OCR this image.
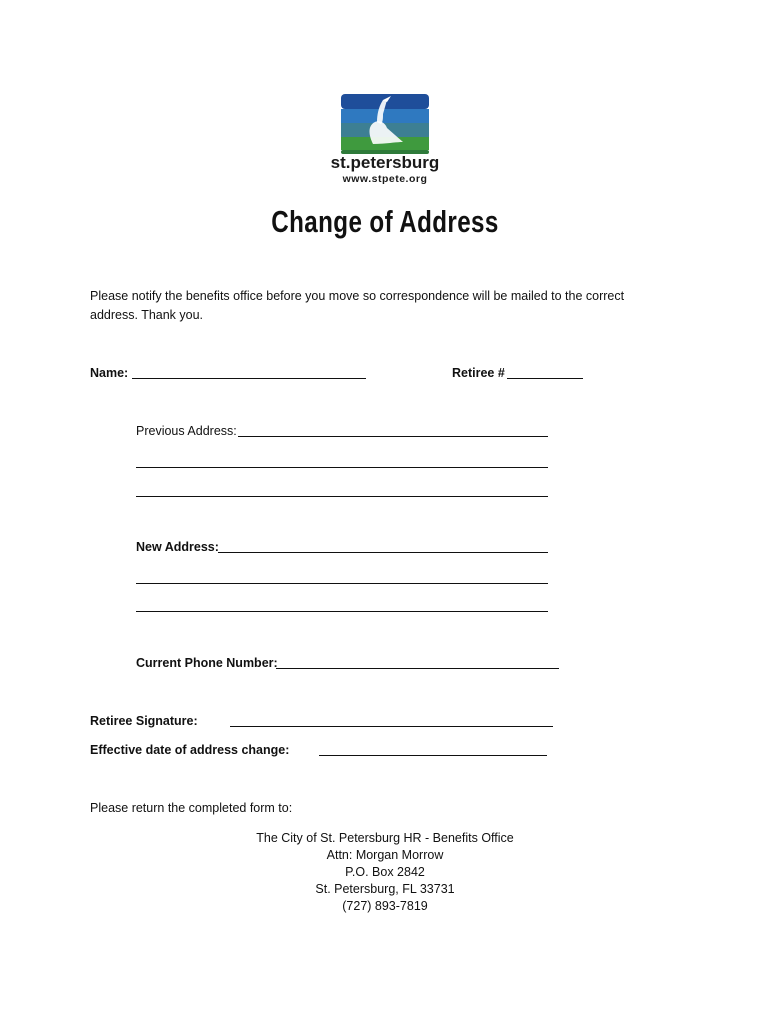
st.petersburg
www.stpete.org
Change of Address
Please notify the benefits office before you move so correspondence will be mailed to the correct address. Thank you.
Name:	Retiree #
Previous Address:
New Address:
Current Phone Number:
Retiree Signature:
Effective date of address change:
Please return the completed form to:
The City of St. Petersburg HR - Benefits Office
Attn: Morgan Morrow
P.O. Box 2842
St. Petersburg, FL 33731
(727) 893-7819
